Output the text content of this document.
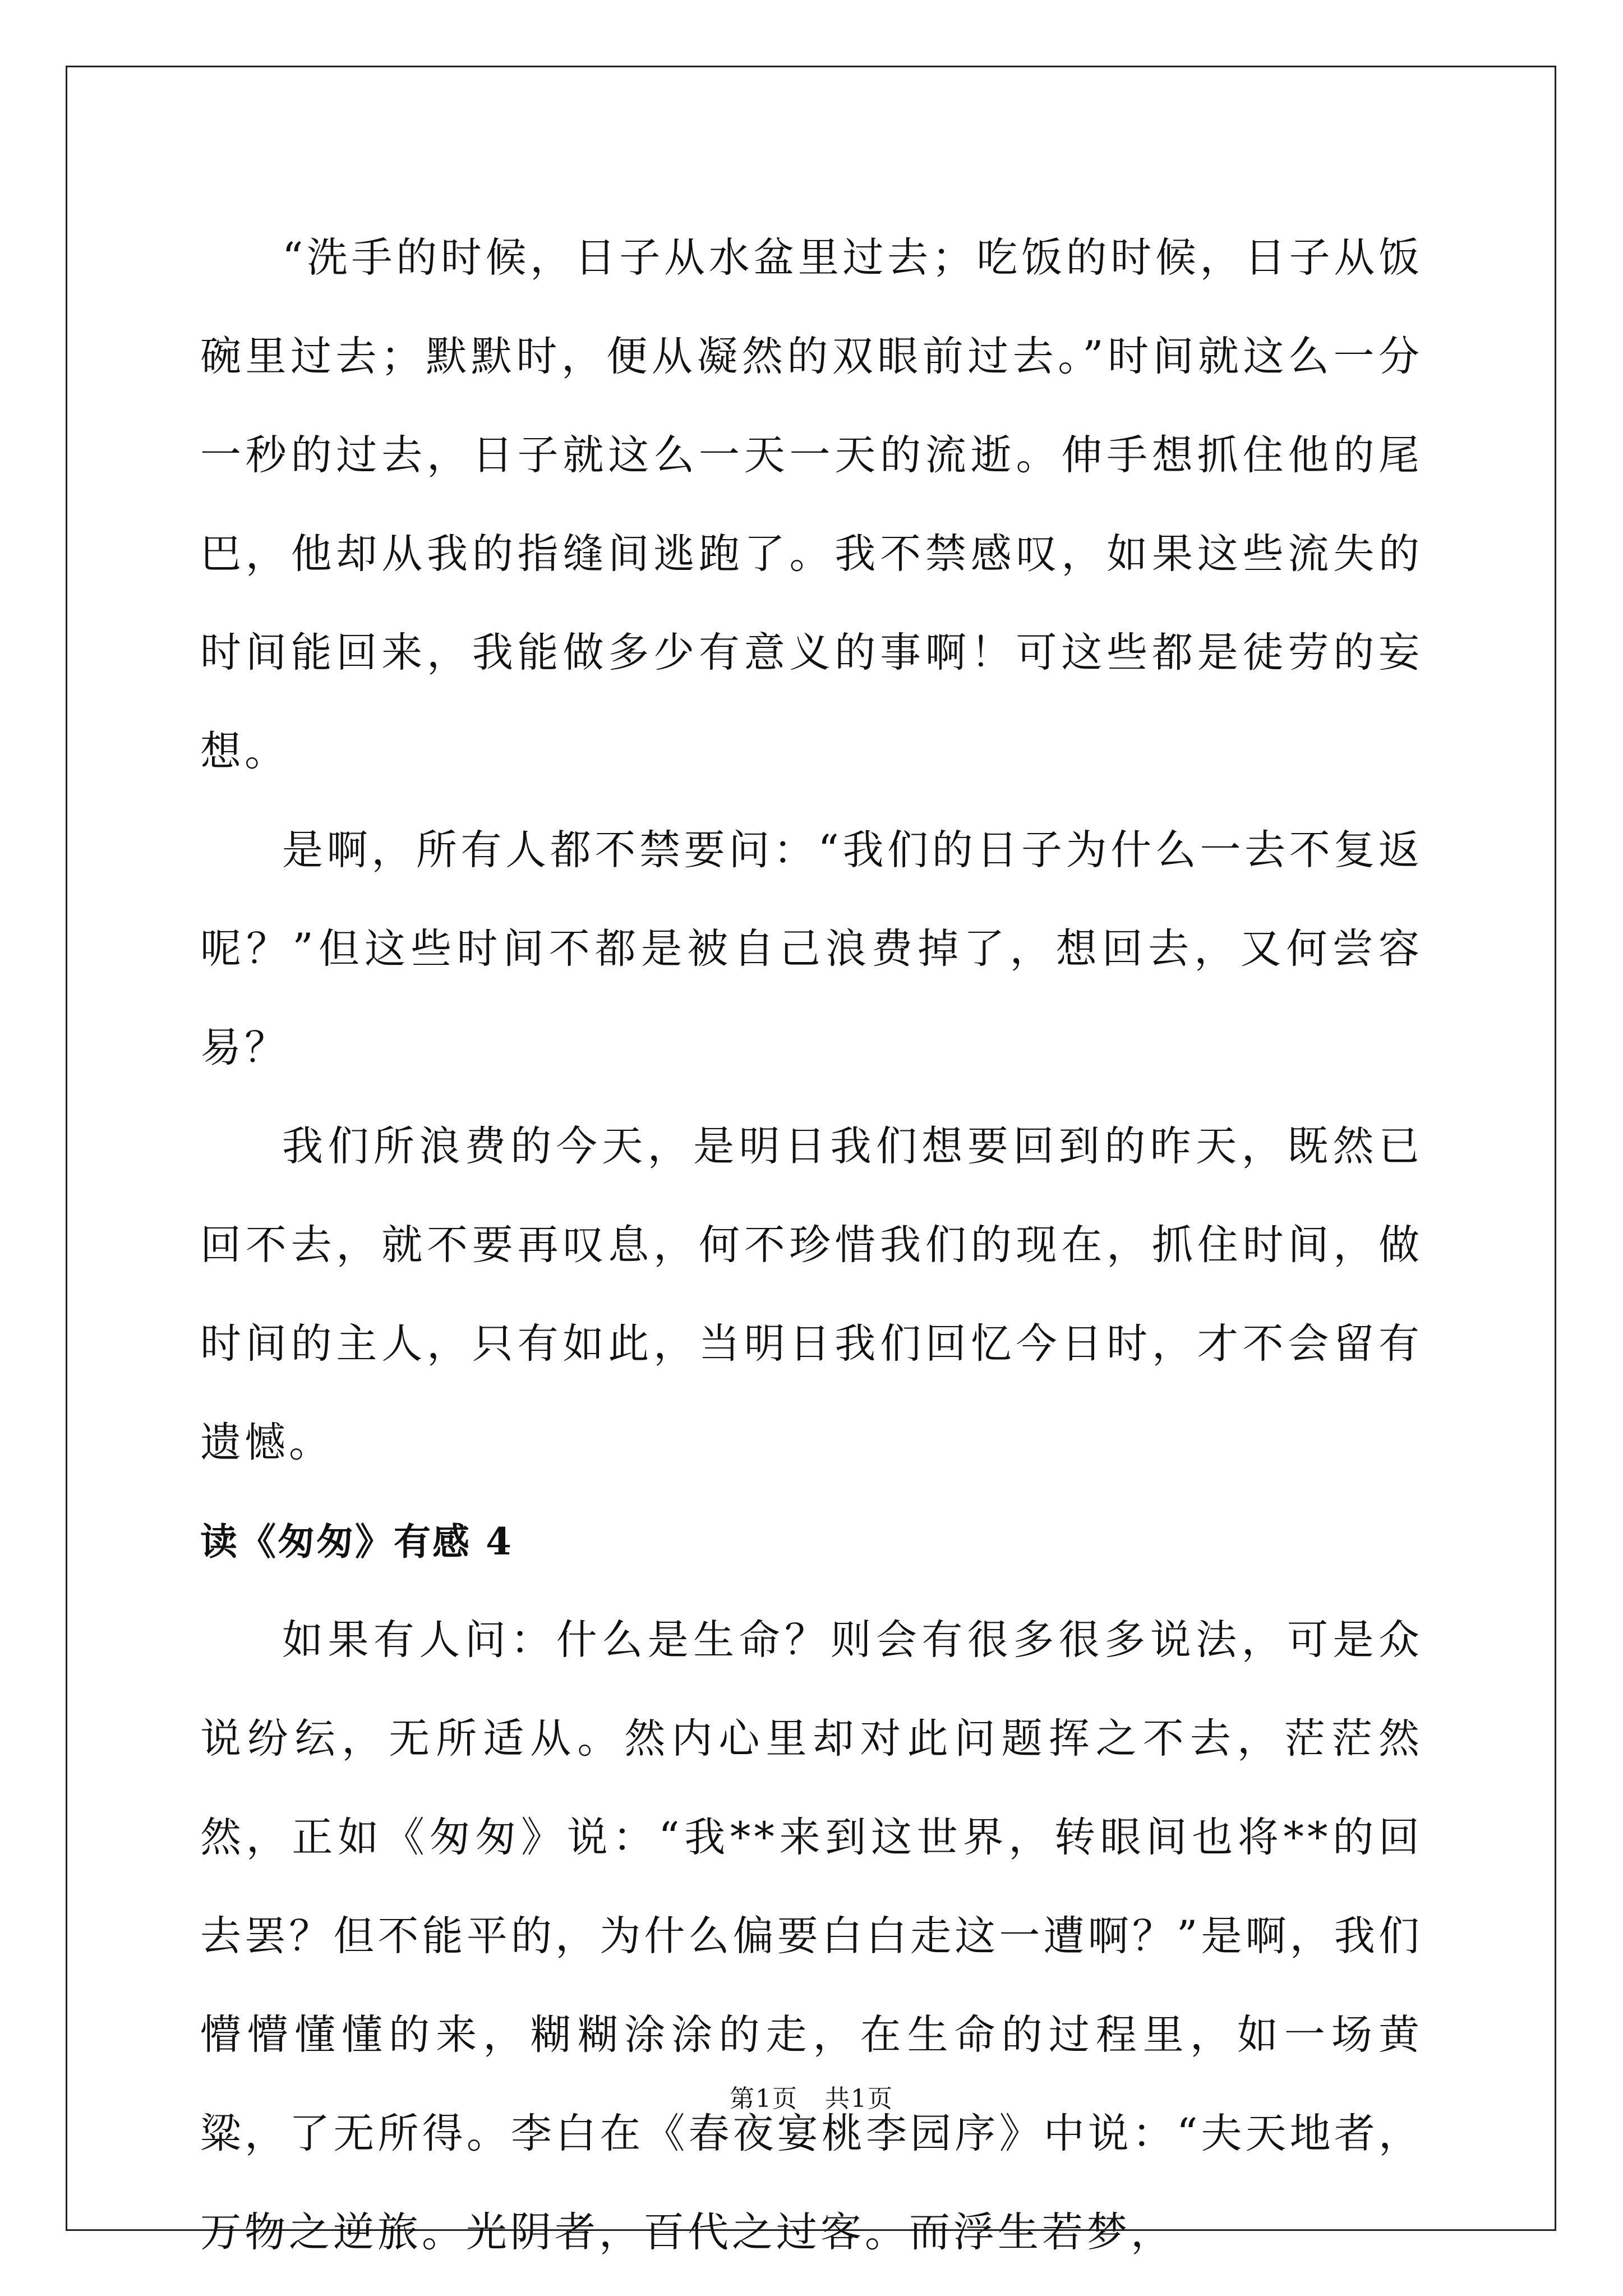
“洗手的时候，日子从水盆里过去；吃饭的时候，日子从饭碗里过去；默默时，便从凝然的双眼前过去。”时间就这么一分一秒的过去，日子就这么一天一天的流逝。伸手想抓住他的尾巴，他却从我的指缝间逃跑了。我不禁感叹，如果这些流失的时间能回来，我能做多少有意义的事啊！可这些都是徒劳的妄想。

是啊，所有人都不禁要问：“我们的日子为什么一去不复返呢？”但这些时间不都是被自己浪费掉了，想回去，又何尝容易？

我们所浪费的今天，是明日我们想要回到的昨天，既然已回不去，就不要再叹息，何不珍惜我们的现在，抓住时间，做时间的主人，只有如此，当明日我们回忆今日时，才不会留有遗憾。

读《匆匆》有感 4

如果有人问：什么是生命？则会有很多很多说法，可是众说纷纭，无所适从。然内心里却对此问题挥之不去，茫茫然然，正如《匆匆》说：“我**来到这世界，转眼间也将**的回去罢？但不能平的，为什么偏要白白走这一遭啊？”是啊，我们懵懵懂懂的来，糊糊涂涂的走，在生命的过程里，如一场黄粱，了无所得。李白在《春夜宴桃李园序》中说：“夫天地者，万物之逆旅。光阴者，百代之过客。而浮生若梦，

第1页   共1页
